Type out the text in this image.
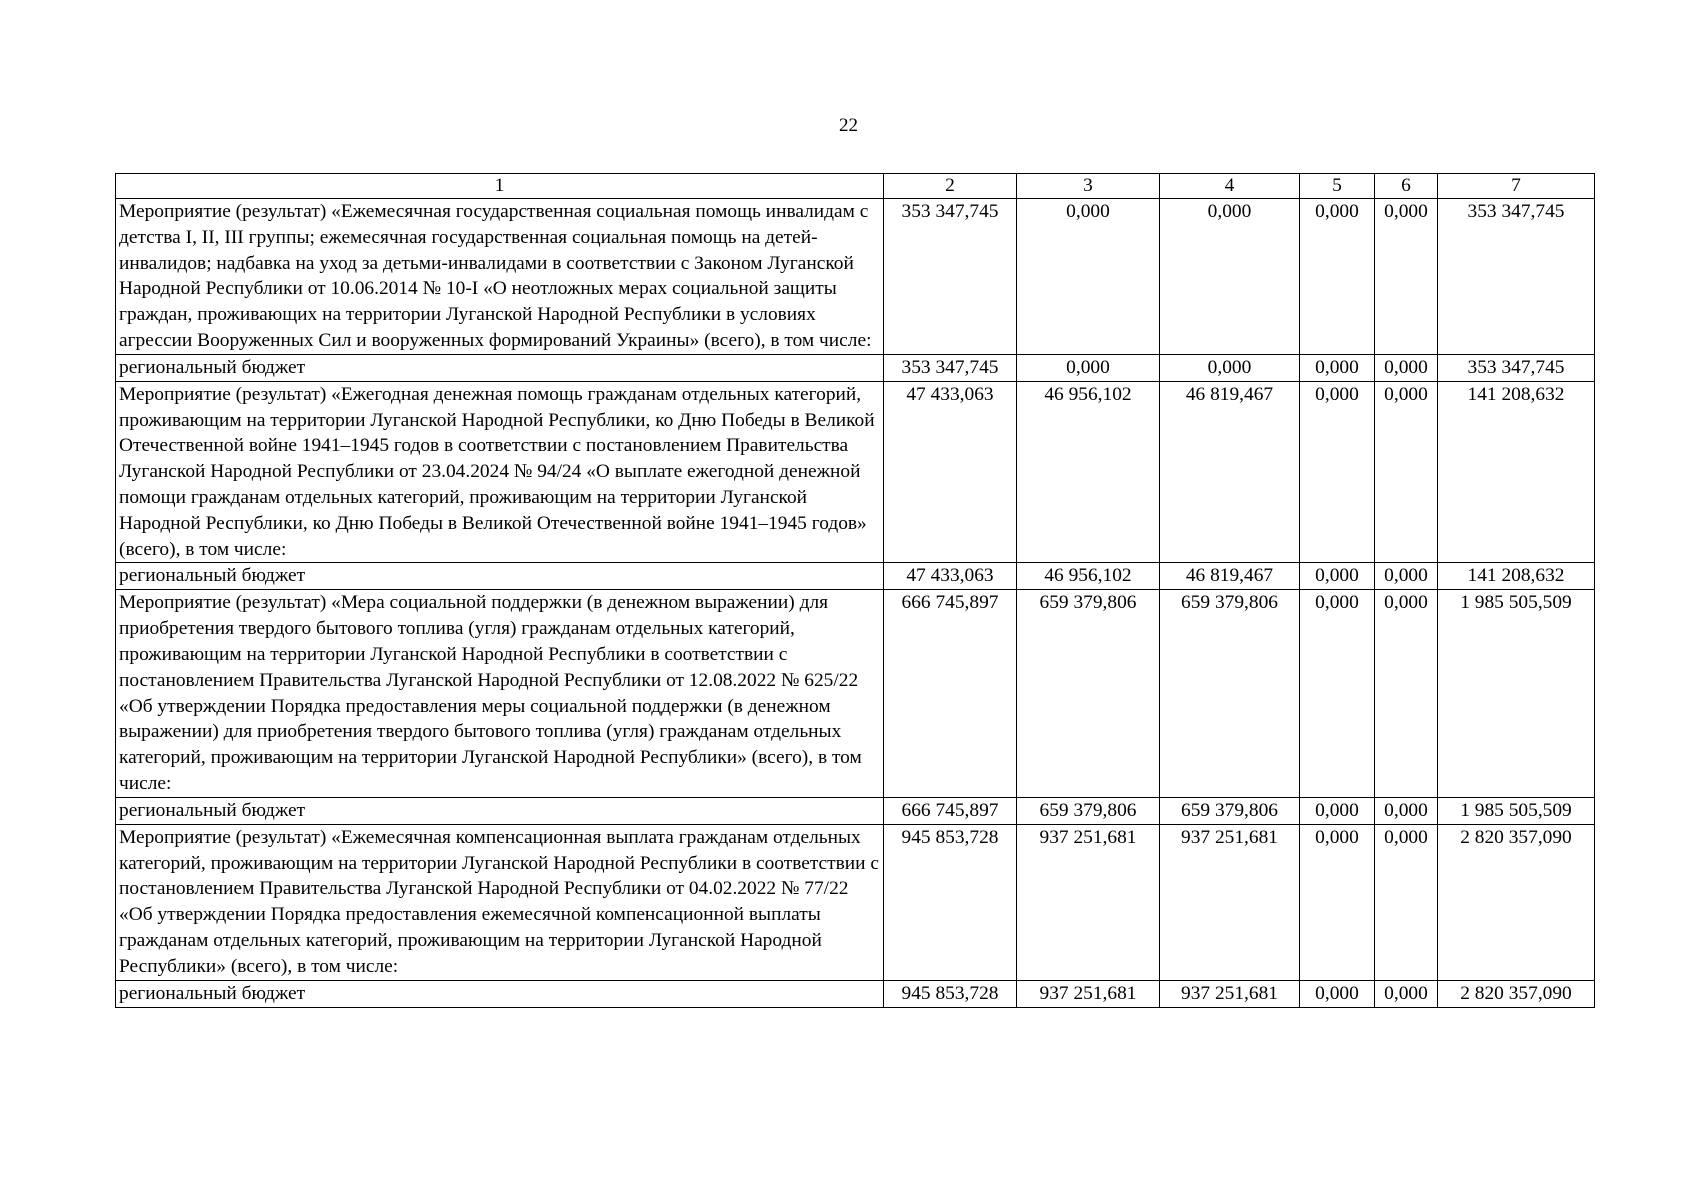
22
1	2	3	4	5	6	7
Мероприятие (результат) «Ежемесячная государственная социальная помощь инвалидам с детства I, II, III группы; ежемесячная государственная социальная помощь на детей-инвалидов; надбавка на уход за детьми-инвалидами в соответствии с Законом Луганской Народной Республики от 10.06.2014 № 10-I «О неотложных мерах социальной защиты граждан, проживающих на территории Луганской Народной Республики в условиях агрессии Вооруженных Сил и вооруженных формирований Украины» (всего), в том числе:	353 347,745	0,000	0,000	0,000	0,000	353 347,745
региональный бюджет	353 347,745	0,000	0,000	0,000	0,000	353 347,745
Мероприятие (результат) «Ежегодная денежная помощь гражданам отдельных категорий, проживающим на территории Луганской Народной Республики, ко Дню Победы в Великой Отечественной войне 1941–1945 годов в соответствии с постановлением Правительства Луганской Народной Республики от 23.04.2024 № 94/24 «О выплате ежегодной денежной помощи гражданам отдельных категорий, проживающим на территории Луганской Народной Республики, ко Дню Победы в Великой Отечественной войне 1941–1945 годов» (всего), в том числе:	47 433,063	46 956,102	46 819,467	0,000	0,000	141 208,632
региональный бюджет	47 433,063	46 956,102	46 819,467	0,000	0,000	141 208,632
Мероприятие (результат) «Мера социальной поддержки (в денежном выражении) для приобретения твердого бытового топлива (угля) гражданам отдельных категорий, проживающим на территории Луганской Народной Республики в соответствии с постановлением Правительства Луганской Народной Республики от 12.08.2022 № 625/22 «Об утверждении Порядка предоставления меры социальной поддержки (в денежном выражении) для приобретения твердого бытового топлива (угля) гражданам отдельных категорий, проживающим на территории Луганской Народной Республики» (всего), в том числе:	666 745,897	659 379,806	659 379,806	0,000	0,000	1 985 505,509
региональный бюджет	666 745,897	659 379,806	659 379,806	0,000	0,000	1 985 505,509
Мероприятие (результат) «Ежемесячная компенсационная выплата гражданам отдельных категорий, проживающим на территории Луганской Народной Республики в соответствии с постановлением Правительства Луганской Народной Республики от 04.02.2022 № 77/22 «Об утверждении Порядка предоставления ежемесячной компенсационной выплаты гражданам отдельных категорий, проживающим на территории Луганской Народной Республики» (всего), в том числе:	945 853,728	937 251,681	937 251,681	0,000	0,000	2 820 357,090
региональный бюджет	945 853,728	937 251,681	937 251,681	0,000	0,000	2 820 357,090
